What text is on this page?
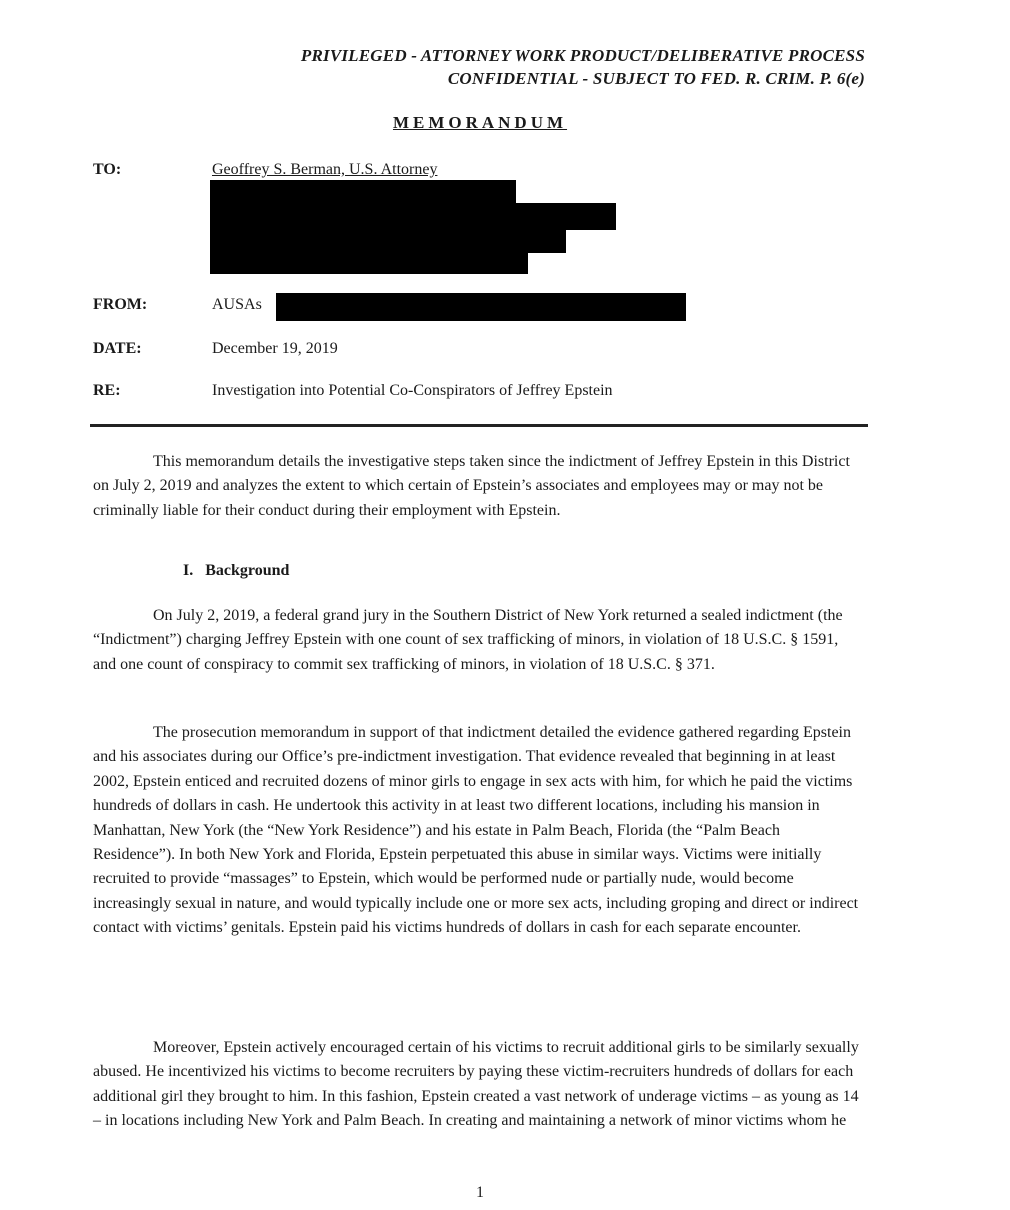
PRIVILEGED - ATTORNEY WORK PRODUCT/DELIBERATIVE PROCESS
CONFIDENTIAL - SUBJECT TO FED. R. CRIM. P. 6(e)
MEMORANDUM
TO:	Geoffrey S. Berman, U.S. Attorney
FROM:	AUSAs
DATE:	December 19, 2019
RE:	Investigation into Potential Co-Conspirators of Jeffrey Epstein

This memorandum details the investigative steps taken since the indictment of Jeffrey Epstein in this District on July 2, 2019 and analyzes the extent to which certain of Epstein’s associates and employees may or may not be criminally liable for their conduct during their employment with Epstein.

I. Background

On July 2, 2019, a federal grand jury in the Southern District of New York returned a sealed indictment (the “Indictment”) charging Jeffrey Epstein with one count of sex trafficking of minors, in violation of 18 U.S.C. § 1591, and one count of conspiracy to commit sex trafficking of minors, in violation of 18 U.S.C. § 371.

The prosecution memorandum in support of that indictment detailed the evidence gathered regarding Epstein and his associates during our Office’s pre-indictment investigation. That evidence revealed that beginning in at least 2002, Epstein enticed and recruited dozens of minor girls to engage in sex acts with him, for which he paid the victims hundreds of dollars in cash. He undertook this activity in at least two different locations, including his mansion in Manhattan, New York (the “New York Residence”) and his estate in Palm Beach, Florida (the “Palm Beach Residence”). In both New York and Florida, Epstein perpetuated this abuse in similar ways. Victims were initially recruited to provide “massages” to Epstein, which would be performed nude or partially nude, would become increasingly sexual in nature, and would typically include one or more sex acts, including groping and direct or indirect contact with victims’ genitals. Epstein paid his victims hundreds of dollars in cash for each separate encounter.

Moreover, Epstein actively encouraged certain of his victims to recruit additional girls to be similarly sexually abused. He incentivized his victims to become recruiters by paying these victim-recruiters hundreds of dollars for each additional girl they brought to him. In this fashion, Epstein created a vast network of underage victims – as young as 14 – in locations including New York and Palm Beach. In creating and maintaining a network of minor victims whom he

1
